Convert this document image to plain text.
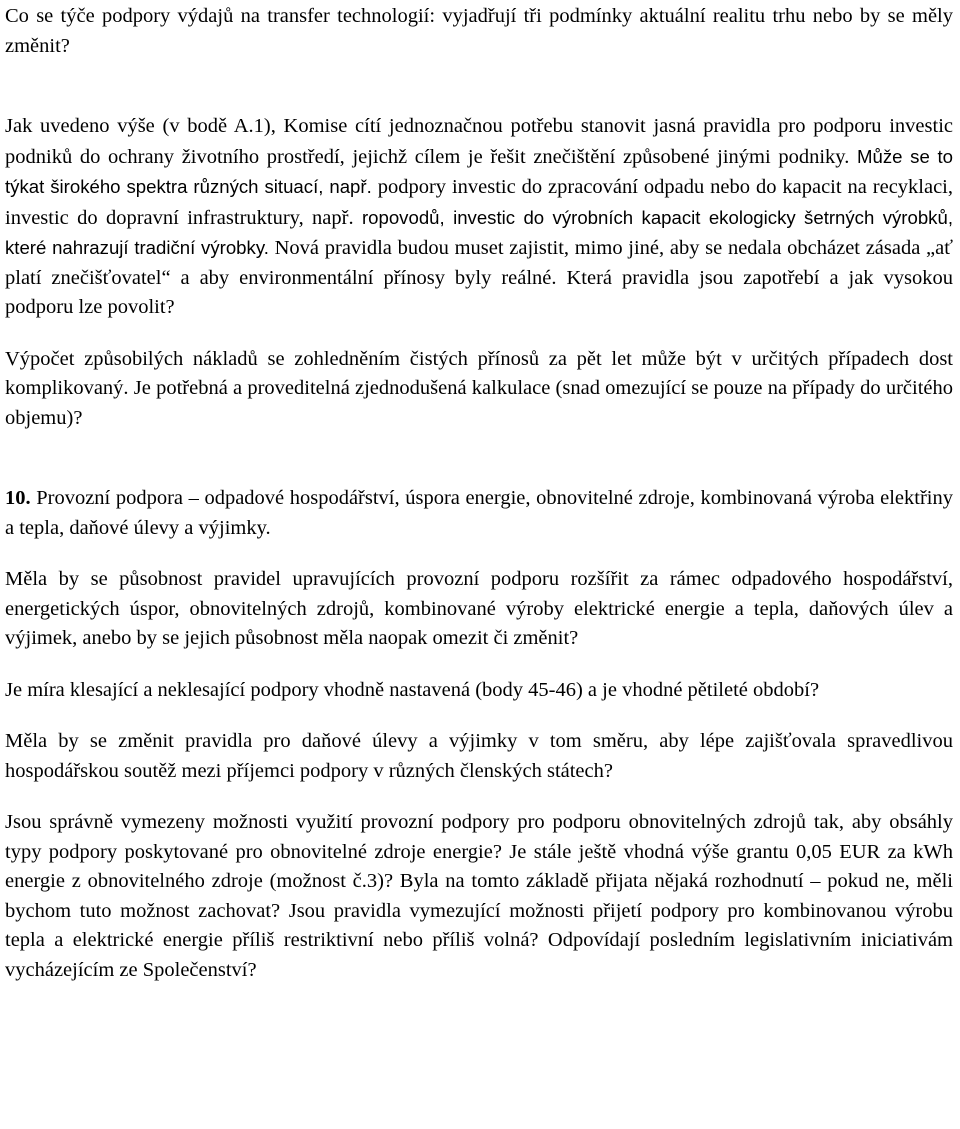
Co se týče podpory výdajů na transfer technologií: vyjadřují tři podmínky aktuální realitu trhu nebo by se měly změnit?

Jak uvedeno výše (v bodě A.1), Komise cítí jednoznačnou potřebu stanovit jasná pravidla pro podporu investic podniků do ochrany životního prostředí, jejichž cílem je řešit znečištění způsobené jinými podniky. Může se to týkat širokého spektra různých situací, např. podpory investic do zpracování odpadu nebo do kapacit na recyklaci, investic do dopravní infrastruktury, např. ropovodů, investic do výrobních kapacit ekologicky šetrných výrobků, které nahrazují tradiční výrobky. Nová pravidla budou muset zajistit, mimo jiné, aby se nedala obcházet zásada „ať platí znečišťovatel“ a aby environmentální přínosy byly reálné. Která pravidla jsou zapotřebí a jak vysokou podporu lze povolit?

Výpočet způsobilých nákladů se zohledněním čistých přínosů za pět let může být v určitých případech dost komplikovaný. Je potřebná a proveditelná zjednodušená kalkulace (snad omezující se pouze na případy do určitého objemu)?

10. Provozní podpora – odpadové hospodářství, úspora energie, obnovitelné zdroje, kombinovaná výroba elektřiny a tepla, daňové úlevy a výjimky.

Měla by se působnost pravidel upravujících provozní podporu rozšířit za rámec odpadového hospodářství, energetických úspor, obnovitelných zdrojů, kombinované výroby elektrické energie a tepla, daňových úlev a výjimek, anebo by se jejich působnost měla naopak omezit či změnit?

Je míra klesající a neklesající podpory vhodně nastavená (body 45-46) a je vhodné pětileté období?

Měla by se změnit pravidla pro daňové úlevy a výjimky v tom směru, aby lépe zajišťovala spravedlivou hospodářskou soutěž mezi příjemci podpory v různých členských státech?

Jsou správně vymezeny možnosti využití provozní podpory pro podporu obnovitelných zdrojů tak, aby obsáhly typy podpory poskytované pro obnovitelné zdroje energie? Je stále ještě vhodná výše grantu 0,05 EUR za kWh energie z obnovitelného zdroje (možnost č.3)? Byla na tomto základě přijata nějaká rozhodnutí – pokud ne, měli bychom tuto možnost zachovat? Jsou pravidla vymezující možnosti přijetí podpory pro kombinovanou výrobu tepla a elektrické energie příliš restriktivní nebo příliš volná? Odpovídají posledním legislativním iniciativám vycházejícím ze Společenství?
